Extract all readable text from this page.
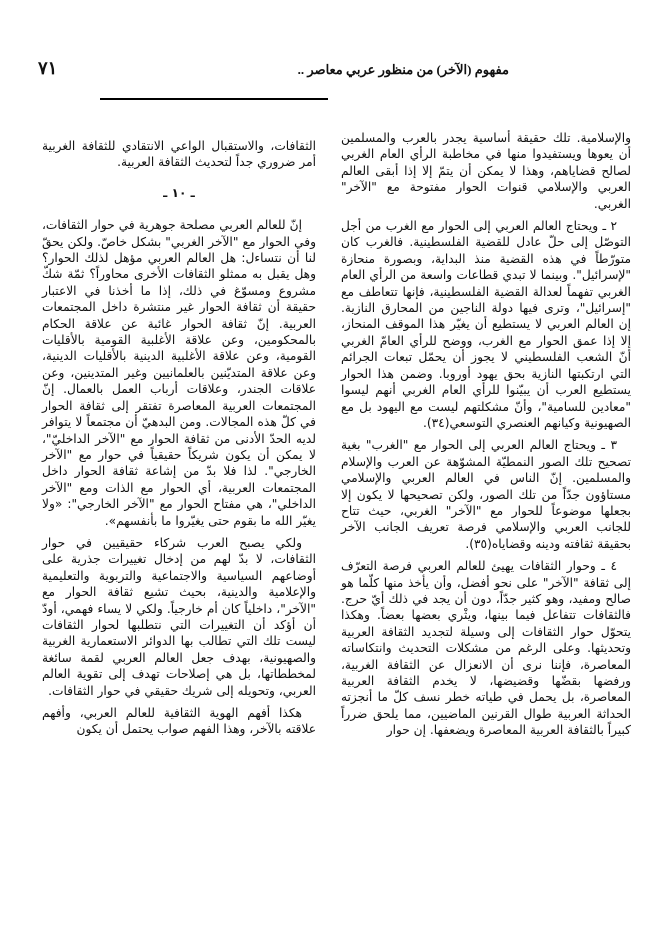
٧١	مفهوم (الآخر) من منظور عربي معاصر ..

والإسلامية. تلك حقيقة أساسية يجدر بالعرب والمسلمين أن يعوها ويستفيدوا منها في مخاطبة الرأي العام الغربي لصالح قضاياهم، وهذا لا يمكن أن يتمّ إلا إذا أبقى العالم العربي والإسلامي قنوات الحوار مفتوحة مع "الآخر" الغربي.

٢ ـ ويحتاج العالم العربي إلى الحوار مع الغرب من أجل التوصّل إلى حلّ عادل للقضية الفلسطينية. فالغرب كان متورّطاً في هذه القضية منذ البداية، وبصورة منحازة "لإسرائيل". وبينما لا تبدي قطاعات واسعة من الرأي العام الغربي تفهماً لعدالة القضية الفلسطينية، فإنها تتعاطف مع "إسرائيل"، وترى فيها دولة الناجين من المحارق النازية. إن العالم العربي لا يستطيع أن يغيّر هذا الموقف المنحاز، إلا إذا عمق الحوار مع الغرب، ووضح للرأي العامّ الغربي أنّ الشعب الفلسطيني لا يجوز أن يحمّل تبعات الجرائم التي ارتكبتها النازية بحق يهود أوروبا. وضمن هذا الحوار يستطيع العرب أن يبيّنوا للرأي العام الغربي أنهم ليسوا "معادين للسامية"، وأنّ مشكلتهم ليست مع اليهود بل مع الصهيونية وكيانهم العنصري التوسعي(٣٤).

٣ ـ ويحتاج العالم العربي إلى الحوار مع "الغرب" بغية تصحيح تلك الصور النمطيّة المشوّهة عن العرب والإسلام والمسلمين. إنّ الناس في العالم العربي والإسلامي مستاؤون جدّاً من تلك الصور، ولكن تصحيحها لا يكون إلا بجعلها موضوعاً للحوار مع "الآخر" الغربي، حيث تتاح للجانب العربي والإسلامي فرصة تعريف الجانب الآخر بحقيقة ثقافته ودينه وقضاياه(٣٥).

٤ ـ وحوار الثقافات يهيئ للعالم العربي فرصة التعرّف إلى ثقافة "الآخر" على نحو أفضل، وأن يأخذ منها كلّما هو صالح ومفيد، وهو كثير جدّاً، دون أن يجد في ذلك أيّ حرج. فالثقافات تتفاعل فيما بينها، ويثْري بعضها بعضاً. وهكذا يتحوّل حوار الثقافات إلى وسيلة لتجديد الثقافة العربية وتحديثها. وعلى الرغم من مشكلات التحديث وانتكاساته المعاصرة، فإننا نرى أن الانعزال عن الثقافة الغربية، ورفضها بقضّها وقضيضها، لا يخدم الثقافة العربية المعاصرة، بل يحمل في طياته خطر نسف كلّ ما أنجزته الحداثة العربية طوال القرنين الماضيين، مما يلحق ضرراً كبيراً بالثقافة العربية المعاصرة ويضعفها. إن حوار

الثقافات، والاستقبال الواعي الانتقادي للثقافة الغربية أمر ضروري جداً لتحديث الثقافة العربية.

ـ ١٠ ـ

إنّ للعالم العربي مصلحة جوهرية في حوار الثقافات، وفي الحوار مع "الآخر الغربي" بشكل خاصّ. ولكن يحقّ لنا أن نتساءل: هل العالم العربي مؤهل لذلك الحوار؟ وهل يقبل به ممثلو الثقافات الأخرى محاوراً؟ ثمّة شكّ مشروع ومسوّغ في ذلك، إذا ما أخذنا في الاعتبار حقيقة أن ثقافة الحوار غير منتشرة داخل المجتمعات العربية. إنّ ثقافة الحوار غائبة عن علاقة الحكام بالمحكومين، وعن علاقة الأغلبية القومية بالأقليات القومية، وعن علاقة الأغلبية الدينية بالأقليات الدينية، وعن علاقة المتديّنين بالعلمانيين وغير المتدينين، وعن علاقات الجندر، وعلاقات أرباب العمل بالعمال. إنّ المجتمعات العربية المعاصرة تفتقر إلى ثقافة الحوار في كلّ هذه المجالات. ومن البدهيّ أن مجتمعاً لا يتوافر لديه الحدّ الأدنى من ثقافة الحوار مع "الآخر الداخليّ"، لا يمكن أن يكون شريكاً حقيقياً في حوار مع "الآخر الخارجي". لذا فلا بدّ من إشاعة ثقافة الحوار داخل المجتمعات العربية، أي الحوار مع الذات ومع "الآخر الداخلي"، هي مفتاح الحوار مع "الآخر الخارجي": «ولا يغيّر الله ما بقوم حتى يغيّروا ما بأنفسهم».

ولكي يصبح العرب شركاء حقيقيين في حوار الثقافات، لا بدّ لهم من إدخال تغييرات جذرية على أوضاعهم السياسية والاجتماعية والتربوية والتعليمية والإعلامية والدينية، بحيث تشيع ثقافة الحوار مع "الآخر"، داخلياً كان أم خارجياً. ولكي لا يساء فهمي، أودّ أن أؤكد أن التغييرات التي نتطلبها لحوار الثقافات ليست تلك التي تطالب بها الدوائر الاستعمارية الغربية والصهيونية، بهدف جعل العالم العربي لقمة سائغة لمخططاتها، بل هي إصلاحات تهدف إلى تقوية العالم العربي، وتحويله إلى شريك حقيقي في حوار الثقافات.

هكذا أفهم الهوية الثقافية للعالم العربي، وأفهم علاقته بالآخر، وهذا الفهم صواب يحتمل أن يكون
